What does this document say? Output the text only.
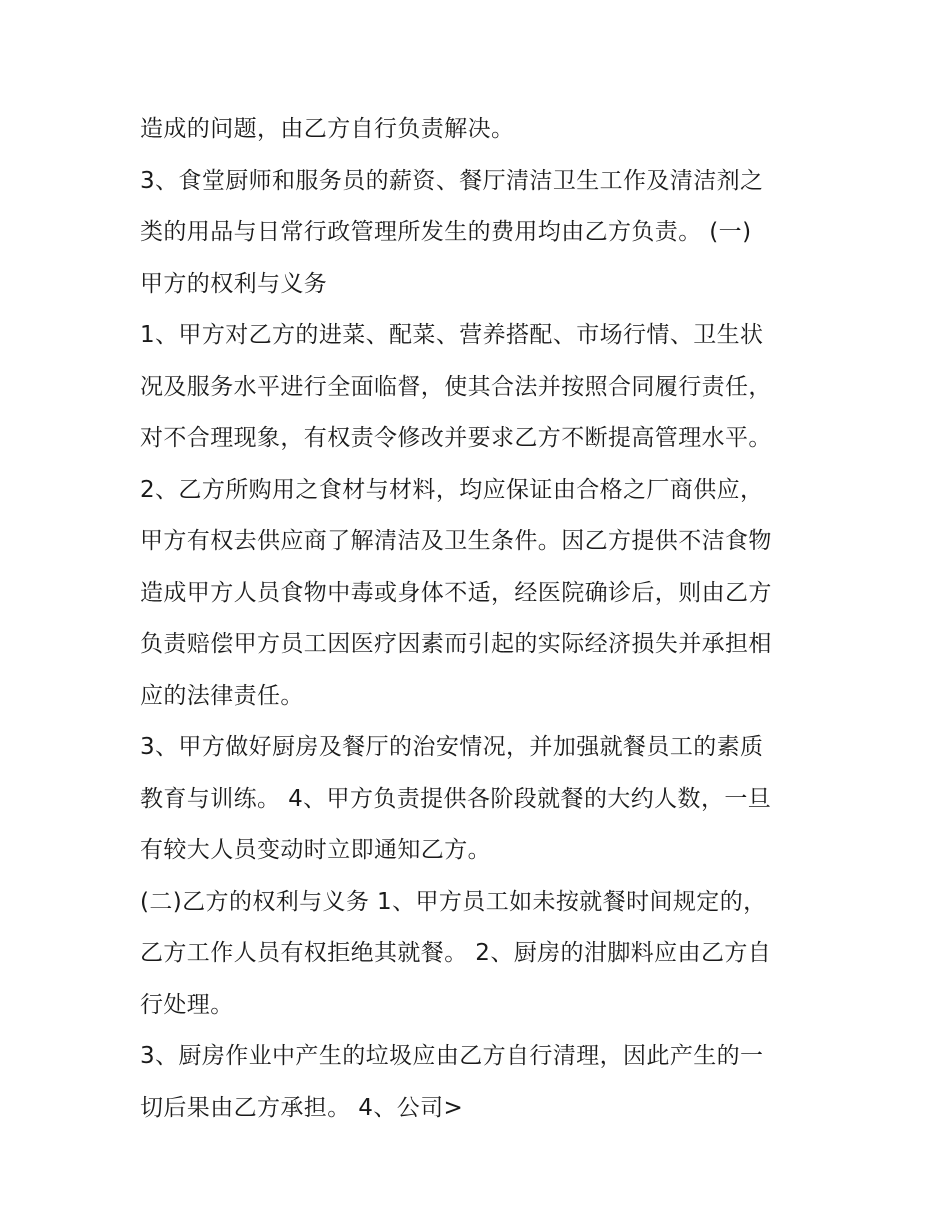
造成的问题，由乙方自行负责解决。
3、食堂厨师和服务员的薪资、餐厅清洁卫生工作及清洁剂之
类的用品与日常行政管理所发生的费用均由乙方负责。 (一)
甲方的权利与义务
1、甲方对乙方的进菜、配菜、营养搭配、市场行情、卫生状
况及服务水平进行全面临督，使其合法并按照合同履行责任，
对不合理现象，有权责令修改并要求乙方不断提高管理水平。
2、乙方所购用之食材与材料，均应保证由合格之厂商供应，
甲方有权去供应商了解清洁及卫生条件。因乙方提供不洁食物
造成甲方人员食物中毒或身体不适，经医院确诊后，则由乙方
负责赔偿甲方员工因医疗因素而引起的实际经济损失并承担相
应的法律责任。
3、甲方做好厨房及餐厅的治安情况，并加强就餐员工的素质
教育与训练。 4、甲方负责提供各阶段就餐的大约人数，一旦
有较大人员变动时立即通知乙方。
(二)乙方的权利与义务 1、甲方员工如未按就餐时间规定的，
乙方工作人员有权拒绝其就餐。 2、厨房的泔脚料应由乙方自
行处理。
3、厨房作业中产生的垃圾应由乙方自行清理，因此产生的一
切后果由乙方承担。 4、公司>
